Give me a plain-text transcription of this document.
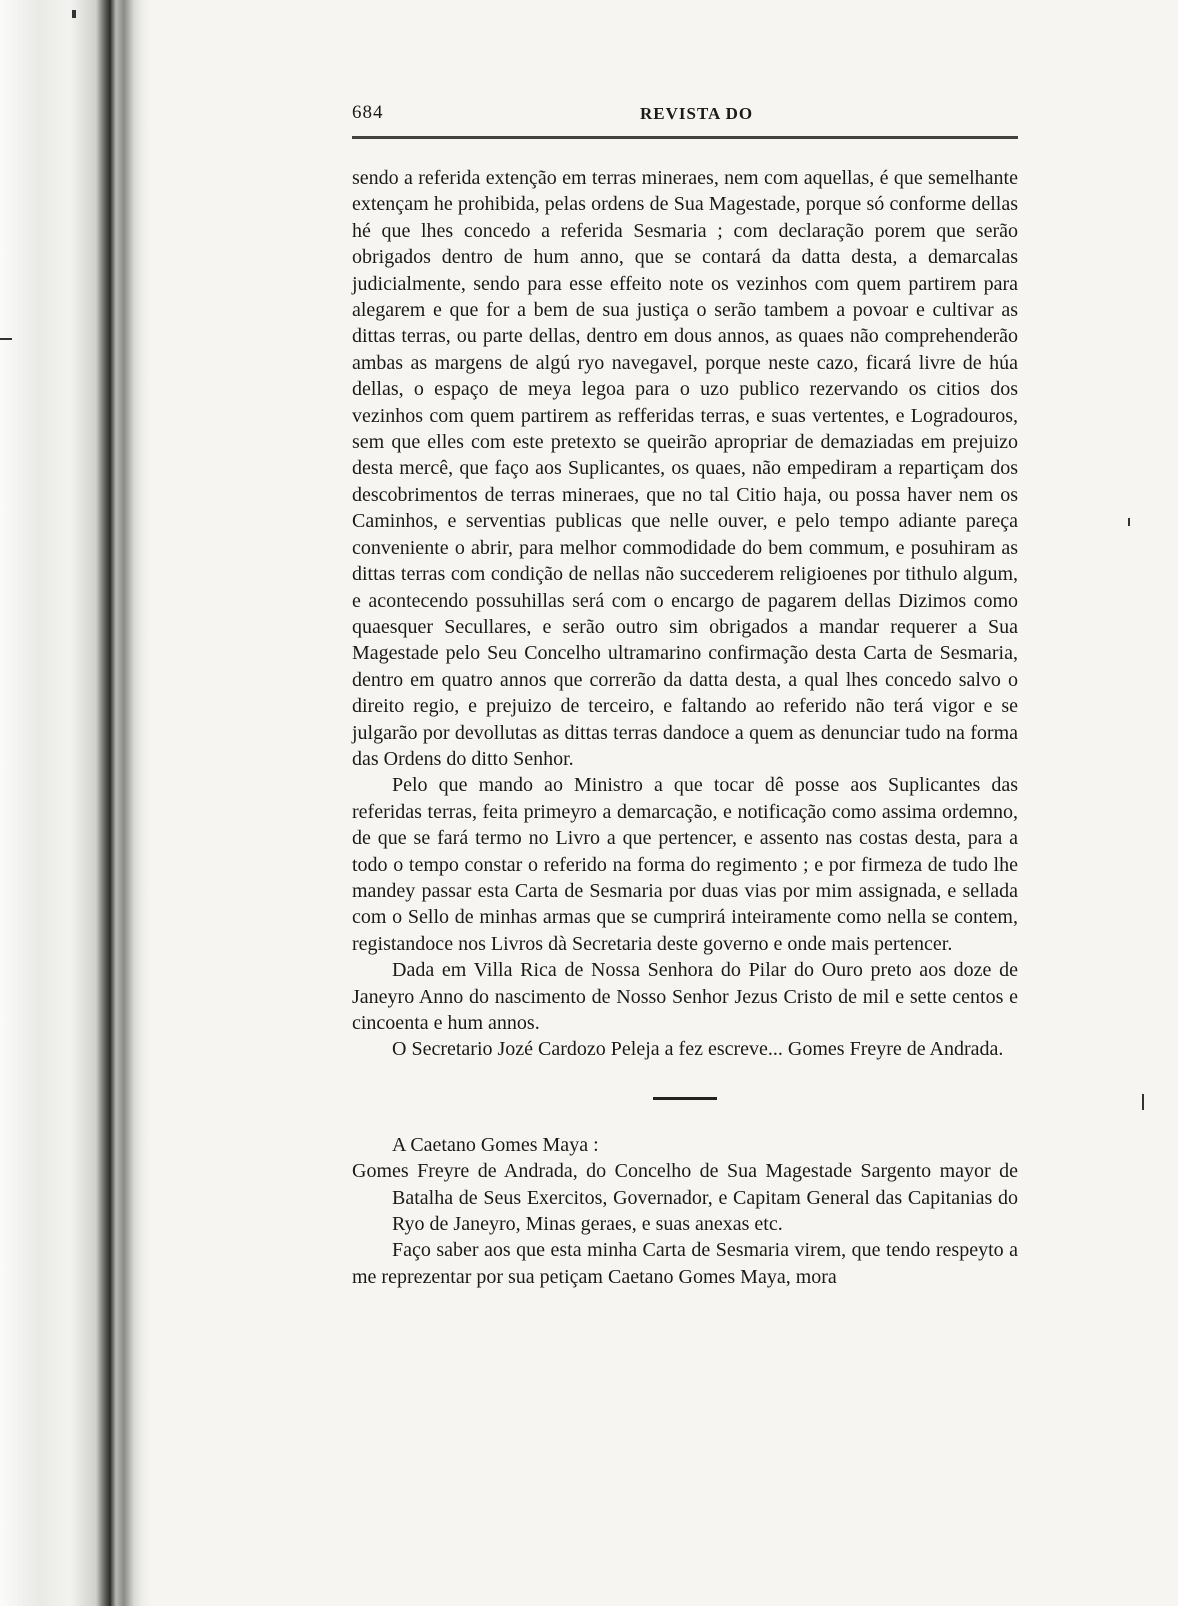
684	REVISTA DO

sendo a referida extenção em terras mineraes, nem com aquellas, é que semelhante extençam he prohibida, pelas ordens de Sua Magestade, porque só conforme dellas hé que lhes concedo a referida Sesmaria ; com declaração porem que serão obrigados dentro de hum anno, que se contará da datta desta, a demarcalas judicialmente, sendo para esse effeito note os vezinhos com quem partirem para alegarem e que for a bem de sua justiça o serão tambem a povoar e cultivar as dittas terras, ou parte dellas, dentro em dous annos, as quaes não comprehenderão ambas as margens de algú ryo navegavel, porque neste cazo, ficará livre de húa dellas, o espaço de meya legoa para o uzo publico rezervando os citios dos vezinhos com quem partirem as refferidas terras, e suas vertentes, e Logradouros, sem que elles com este pretexto se queirão apropriar de demaziadas em prejuizo desta mercê, que faço aos Suplicantes, os quaes, não empediram a repartiçam dos descobrimentos de terras mineraes, que no tal Citio haja, ou possa haver nem os Caminhos, e serventias publicas que nelle ouver, e pelo tempo adiante pareça conveniente o abrir, para melhor commodidade do bem commum, e posuhiram as dittas terras com condição de nellas não succederem religioenes por tithulo algum, e acontecendo possuhillas será com o encargo de pagarem dellas Dizimos como quaesquer Secullares, e serão outro sim obrigados a mandar requerer a Sua Magestade pelo Seu Concelho ultramarino confirmação desta Carta de Sesmaria, dentro em quatro annos que correrão da datta desta, a qual lhes concedo salvo o direito regio, e prejuizo de terceiro, e faltando ao referido não terá vigor e se julgarão por devollutas as dittas terras dandoce a quem as denunciar tudo na forma das Ordens do ditto Senhor.

Pelo que mando ao Ministro a que tocar dê posse aos Suplicantes das referidas terras, feita primeyro a demarcação, e notificação como assima ordemno, de que se fará termo no Livro a que pertencer, e assento nas costas desta, para a todo o tempo constar o referido na forma do regimento ; e por firmeza de tudo lhe mandey passar esta Carta de Sesmaria por duas vias por mim assignada, e sellada com o Sello de minhas armas que se cumprirá inteiramente como nella se contem, registandoce nos Livros dà Secretaria deste governo e onde mais pertencer.

Dada em Villa Rica de Nossa Senhora do Pilar do Ouro preto aos doze de Janeyro Anno do nascimento de Nosso Senhor Jezus Cristo de mil e sette centos e cincoenta e hum annos.

O Secretario Jozé Cardozo Peleja a fez escreve... Gomes Freyre de Andrada.

A Caetano Gomes Maya :

Gomes Freyre de Andrada, do Concelho de Sua Magestade Sargento mayor de Batalha de Seus Exercitos, Governador, e Capitam General das Capitanias do Ryo de Janeyro, Minas geraes, e suas anexas etc.

Faço saber aos que esta minha Carta de Sesmaria virem, que tendo respeyto a me reprezentar por sua petiçam Caetano Gomes Maya, mora
